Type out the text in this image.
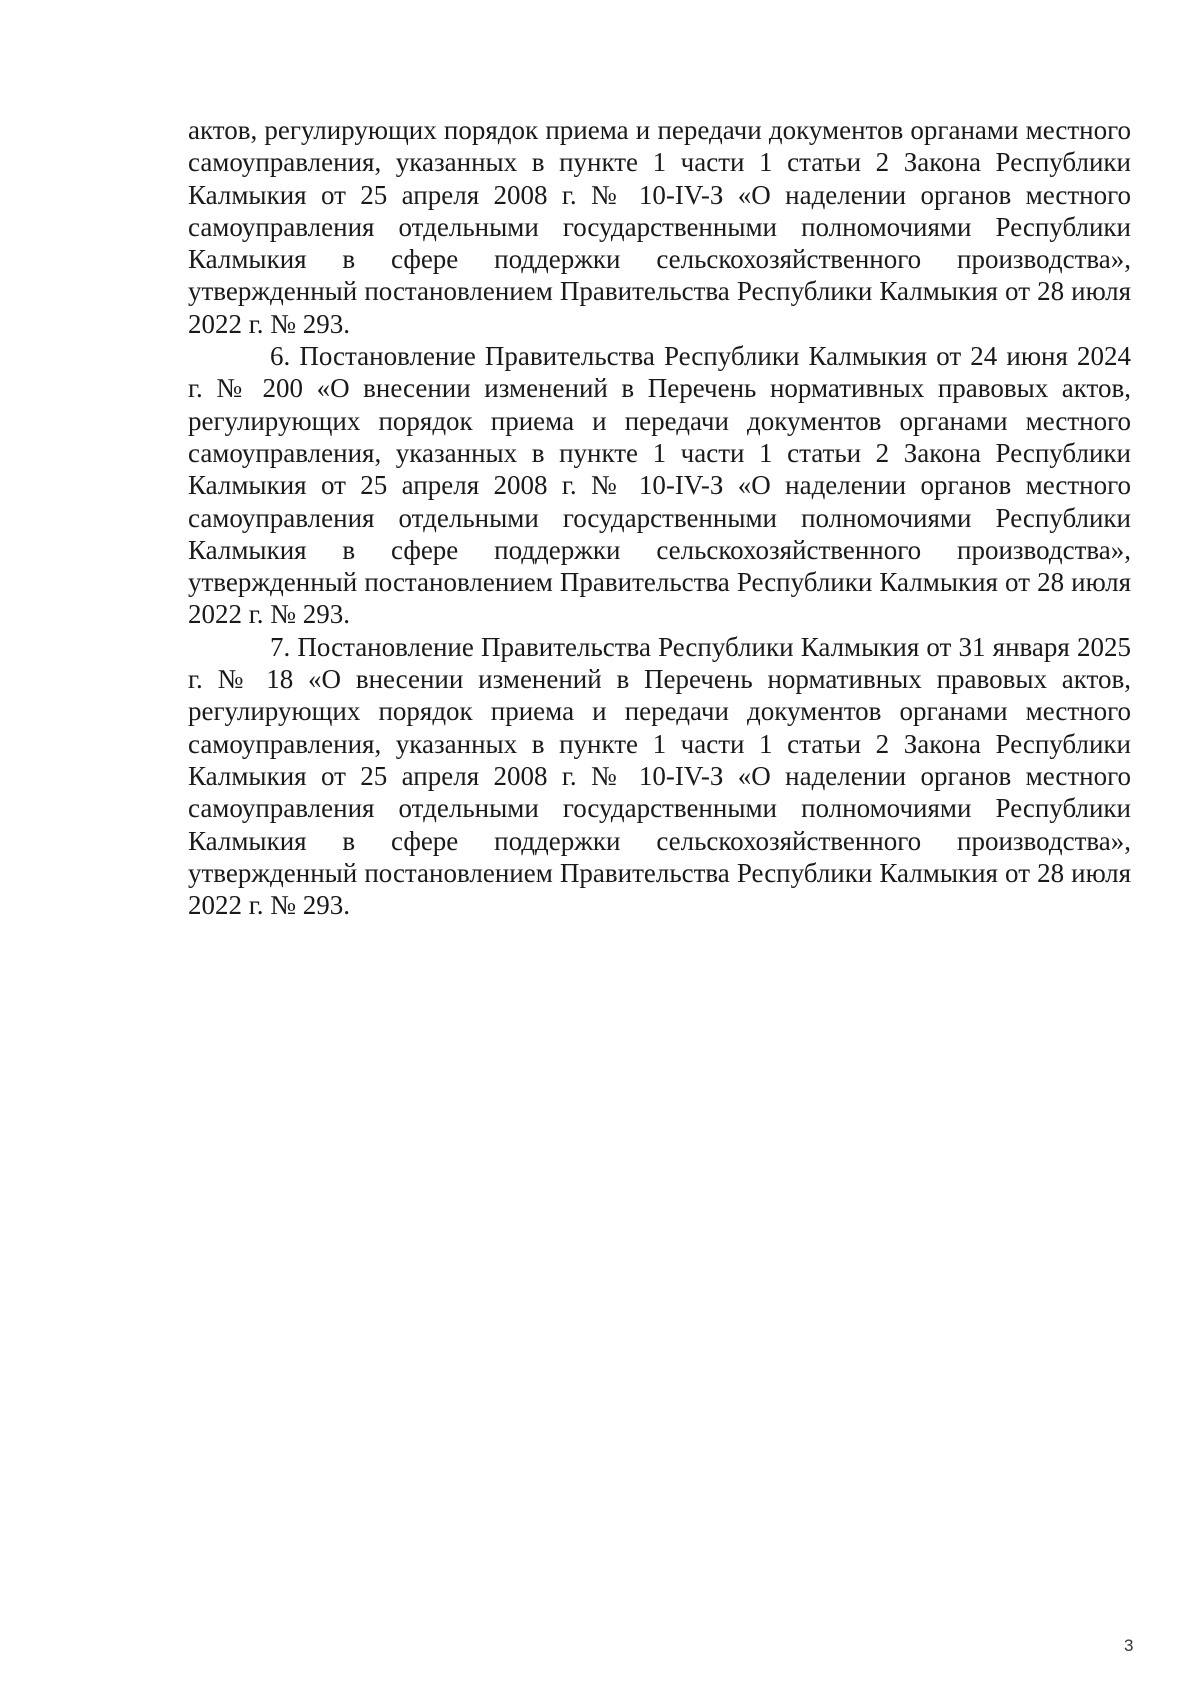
актов, регулирующих порядок приема и передачи документов органами местного самоуправления, указанных в пункте 1 части 1 статьи 2 Закона Республики Калмыкия от 25 апреля 2008 г. № 10-IV-З «О наделении органов местного самоуправления отдельными государственными полномочиями Республики Калмыкия в сфере поддержки сельскохозяйственного производства», утвержденный постановлением Правительства Республики Калмыкия от 28 июля 2022 г. № 293.

6. Постановление Правительства Республики Калмыкия от 24 июня 2024 г. № 200 «О внесении изменений в Перечень нормативных правовых актов, регулирующих порядок приема и передачи документов органами местного самоуправления, указанных в пункте 1 части 1 статьи 2 Закона Республики Калмыкия от 25 апреля 2008 г. № 10-IV-З «О наделении органов местного самоуправления отдельными государственными полномочиями Республики Калмыкия в сфере поддержки сельскохозяйственного производства», утвержденный постановлением Правительства Республики Калмыкия от 28 июля 2022 г. № 293.

7. Постановление Правительства Республики Калмыкия от 31 января 2025 г. № 18 «О внесении изменений в Перечень нормативных правовых актов, регулирующих порядок приема и передачи документов органами местного самоуправления, указанных в пункте 1 части 1 статьи 2 Закона Республики Калмыкия от 25 апреля 2008 г. № 10-IV-З «О наделении органов местного самоуправления отдельными государственными полномочиями Республики Калмыкия в сфере поддержки сельскохозяйственного производства», утвержденный постановлением Правительства Республики Калмыкия от 28 июля 2022 г. № 293.

3
